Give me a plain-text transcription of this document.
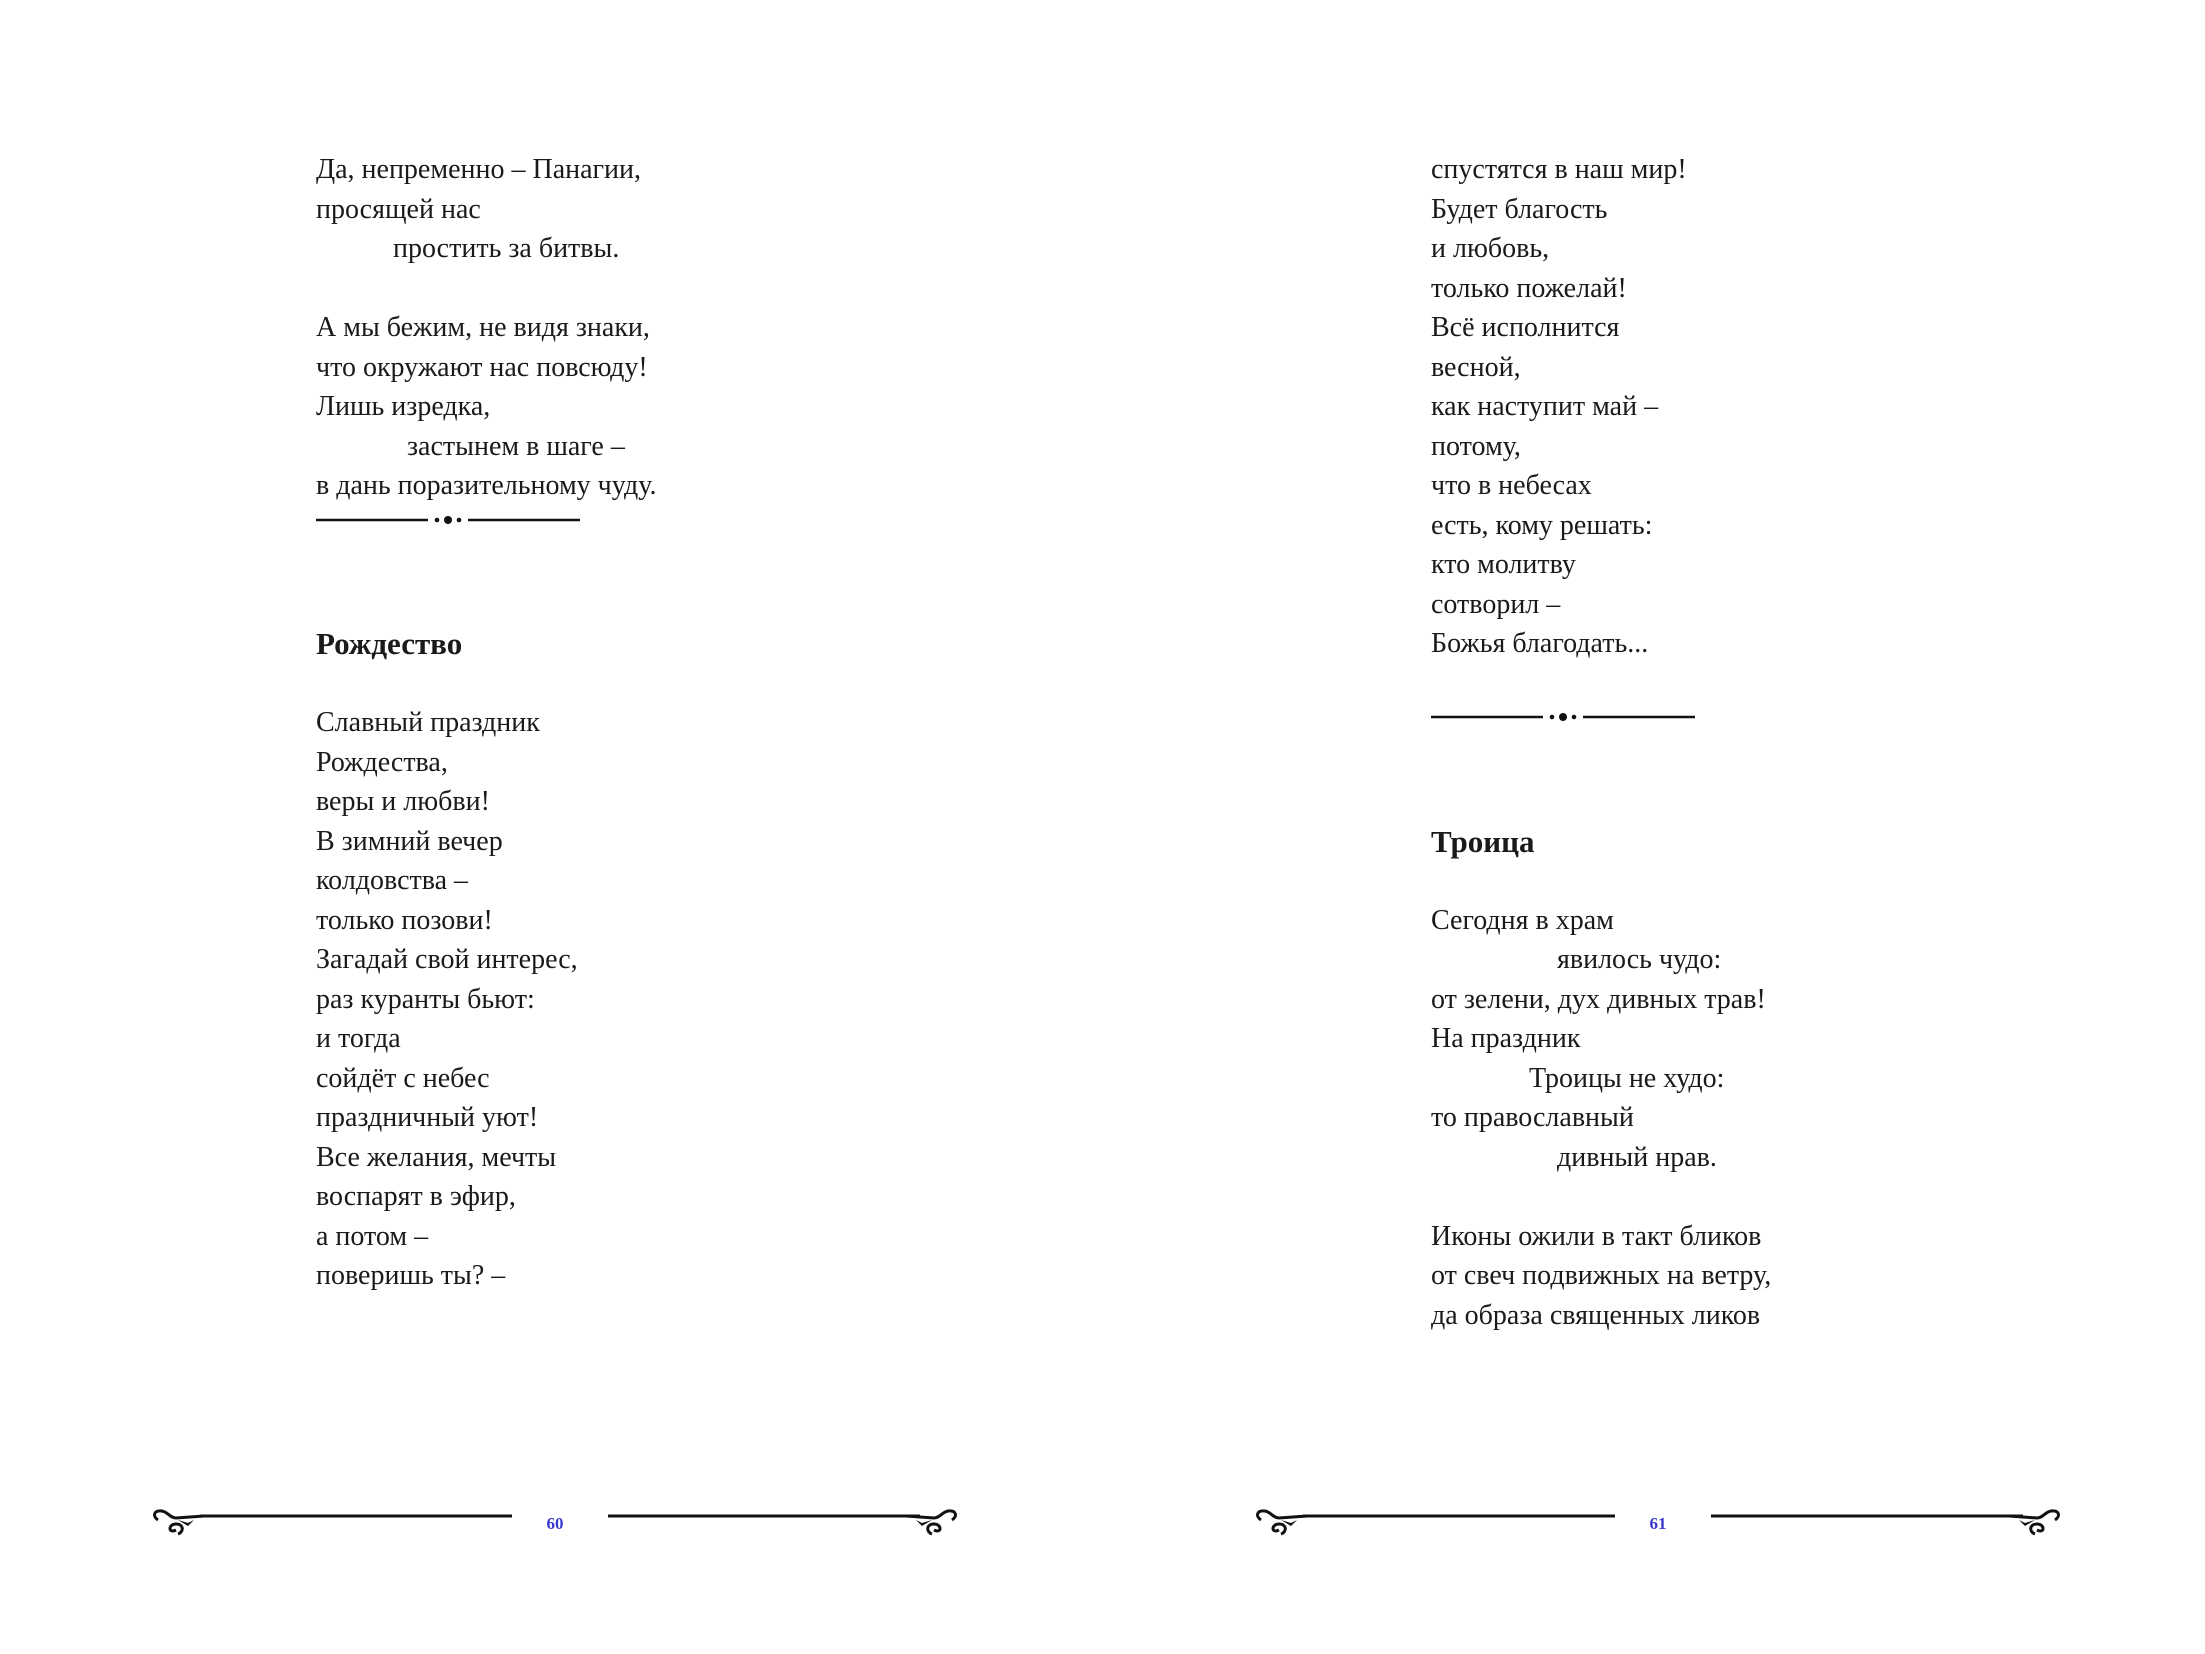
Да, непременно – Панагии,
просящей нас
простить за битвы.
А мы бежим, не видя знаки,
что окружают нас повсюду!
Лишь изредка,
застынем в шаге –
в дань поразительному чуду.
Рождество
Славный праздник
Рождества,
веры и любви!
В зимний вечер
колдовства –
только позови!
Загадай свой интерес,
раз куранты бьют:
и тогда
сойдёт с небес
праздничный уют!
Все желания, мечты
воспарят в эфир,
а потом –
поверишь ты? –
60
спустятся в наш мир!
Будет благость
и любовь,
только пожелай!
Всё исполнится
весной,
как наступит май –
потому,
что в небесах
есть, кому решать:
кто молитву
сотворил –
Божья благодать...
Троица
Сегодня в храм
явилось чудо:
от зелени, дух дивных трав!
На праздник
Троицы не худо:
то православный
дивный нрав.
Иконы ожили в такт бликов
от свеч подвижных на ветру,
да образа священных ликов
61
